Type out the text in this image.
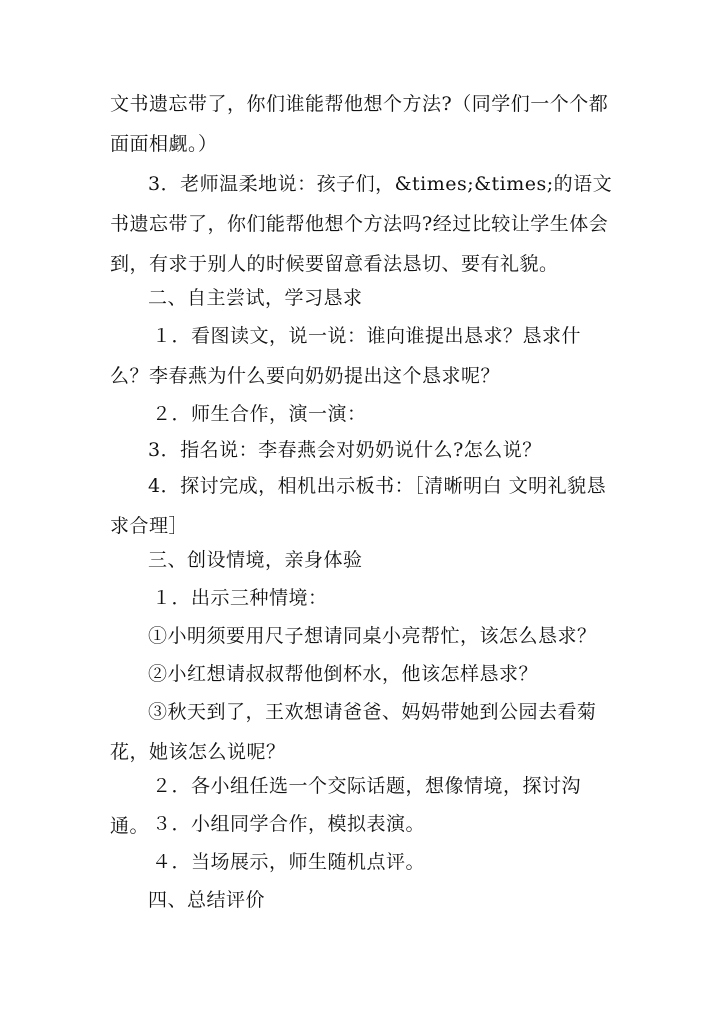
文书遗忘带了，你们谁能帮他想个方法?（同学们一个个都面面相觑。）

3．老师温柔地说：孩子们，&times;&times;的语文书遗忘带了，你们能帮他想个方法吗?经过比较让学生体会到，有求于别人的时候要留意看法恳切、要有礼貌。

二、自主尝试，学习恳求

１．看图读文，说一说：谁向谁提出恳求？恳求什么？李春燕为什么要向奶奶提出这个恳求呢？

２．师生合作，演一演：

3．指名说：李春燕会对奶奶说什么?怎么说？

4．探讨完成，相机出示板书：［清晰明白 文明礼貌恳求合理］

三、创设情境，亲身体验

１．出示三种情境：

①小明须要用尺子想请同桌小亮帮忙，该怎么恳求？

②小红想请叔叔帮他倒杯水，他该怎样恳求？

③秋天到了，王欢想请爸爸、妈妈带她到公园去看菊花，她该怎么说呢？

２．各小组任选一个交际话题，想像情境，探讨沟通。 ３．小组同学合作，模拟表演。

４．当场展示，师生随机点评。

四、总结评价
